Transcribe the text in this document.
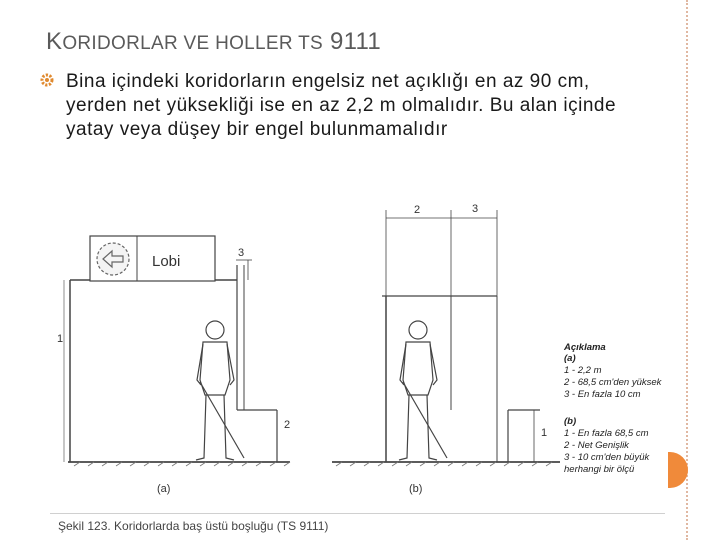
KORIDORLAR VE HOLLER TS 9111
Bina içindeki koridorların engelsiz net açıklığı en az 90 cm, yerden net yüksekliği ise en az 2,2 m olmalıdır. Bu alan içinde yatay veya düşey bir engel bulunmamalıdır
Lobi
1
2
3
(a)
2	3
1
(b)
Açıklama
(a)
1 - 2,2 m
2 - 68,5 cm'den yüksek
3 - En fazla 10 cm
(b)
1 - En fazla 68,5 cm
2 - Net Genişlik
3 - 10 cm'den büyük
herhangi bir ölçü
Şekil 123. Koridorlarda baş üstü boşluğu (TS 9111)
